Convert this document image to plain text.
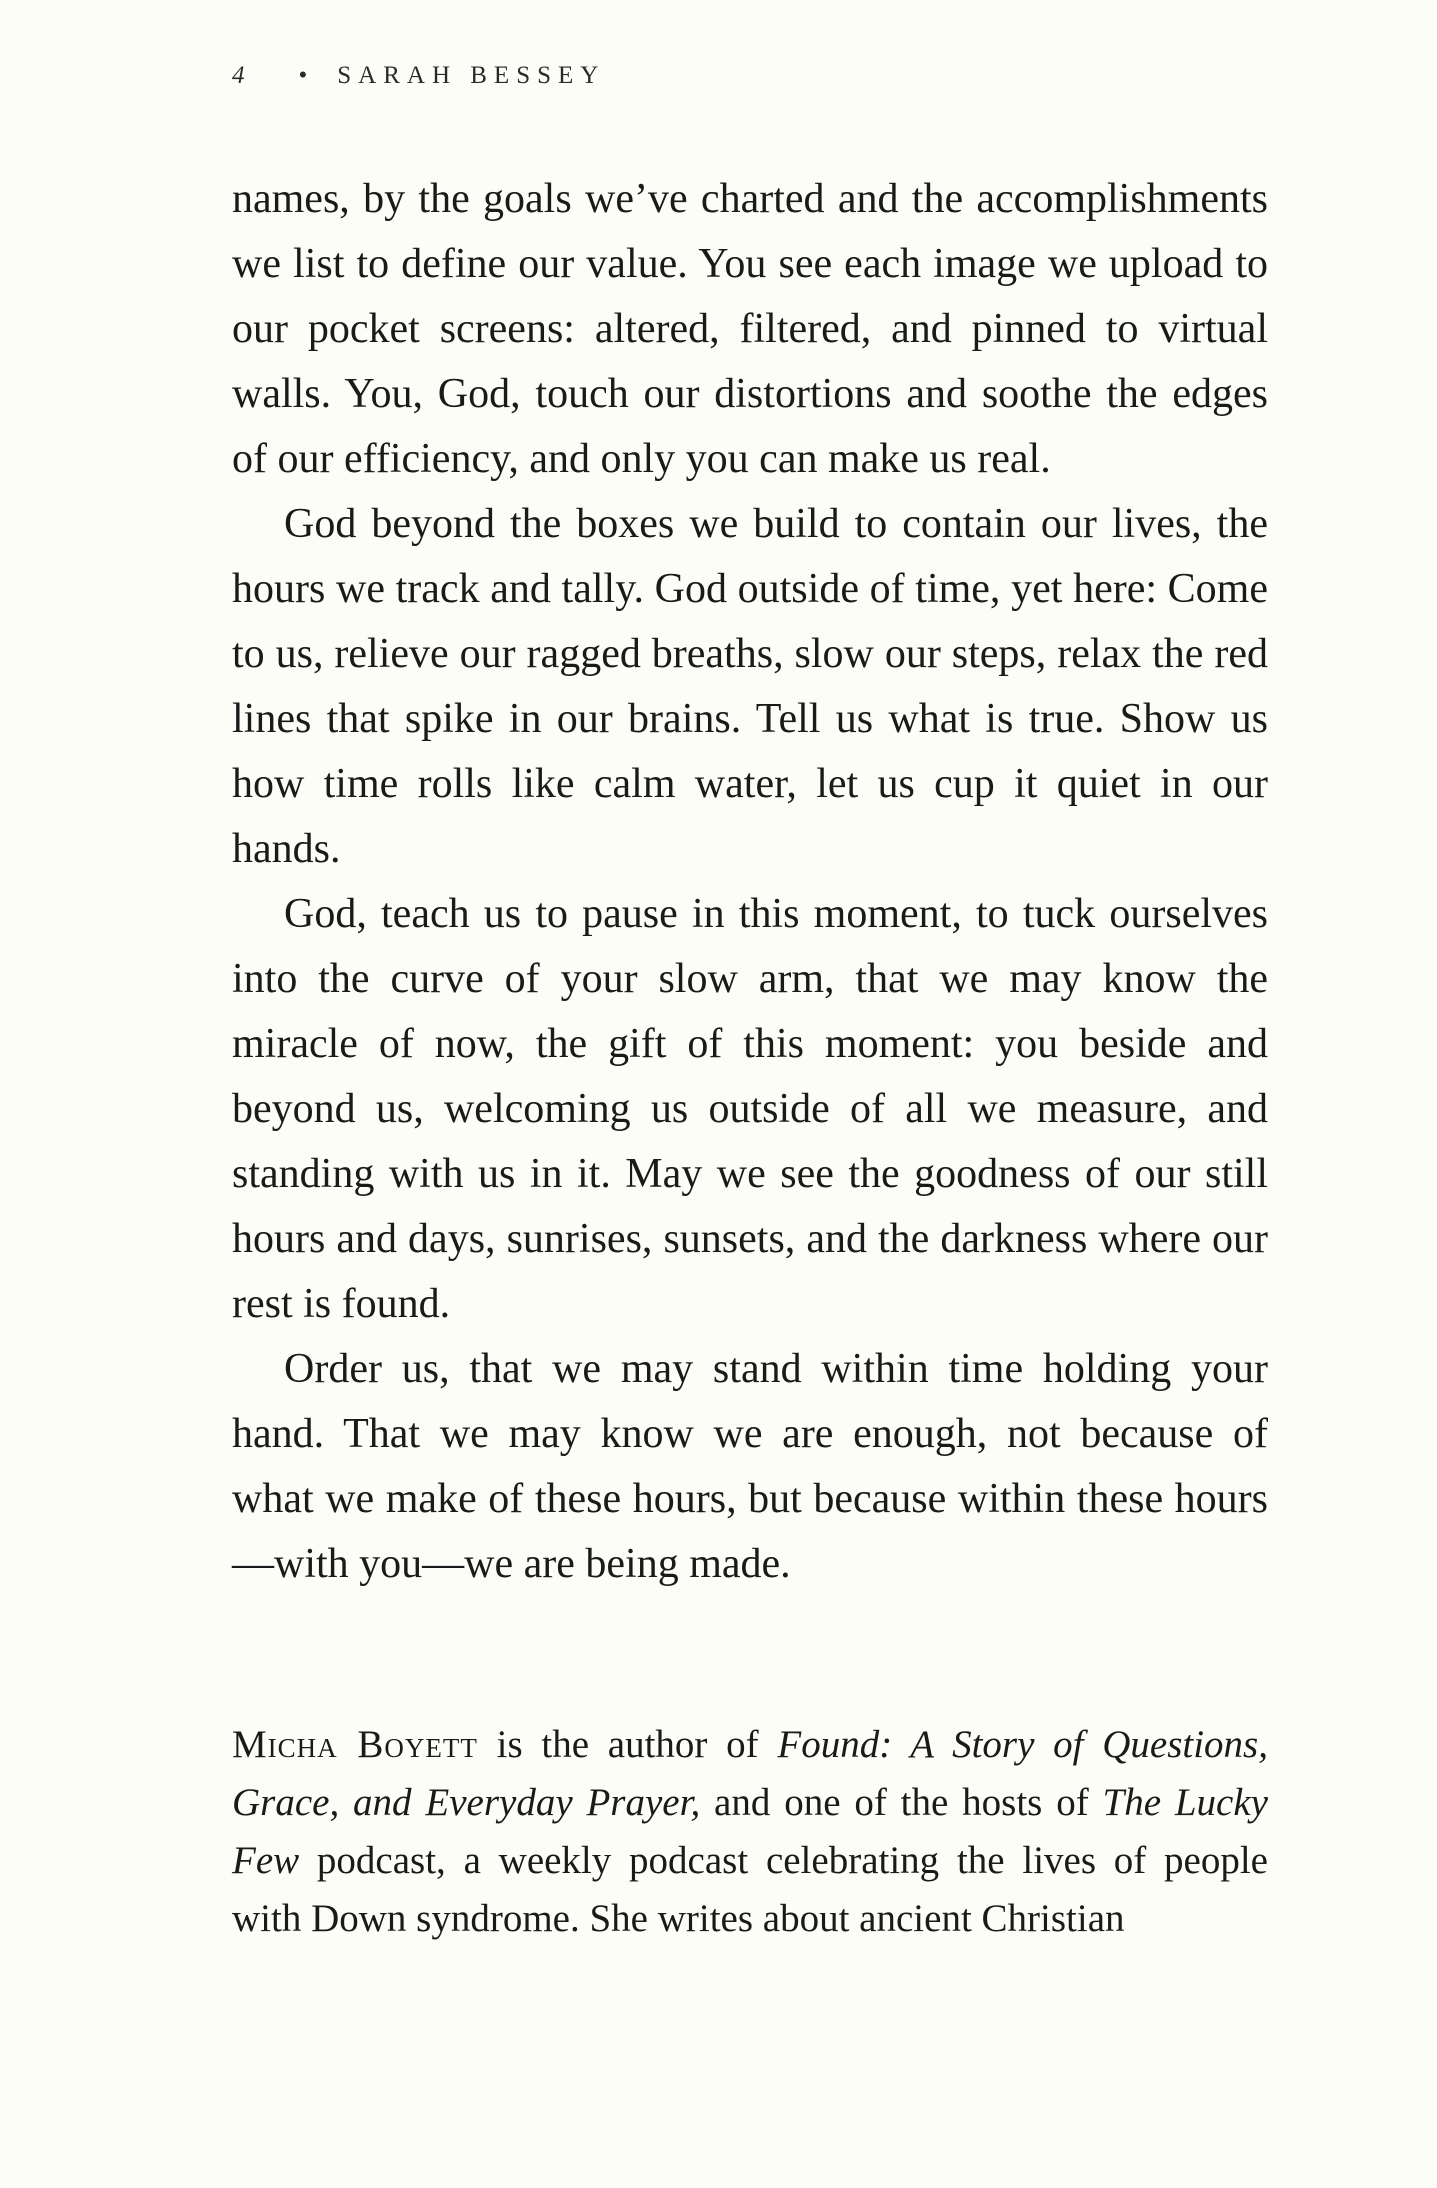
4 • SARAH BESSEY

names, by the goals we’ve charted and the accomplishments we list to define our value. You see each image we upload to our pocket screens: altered, filtered, and pinned to virtual walls. You, God, touch our distortions and soothe the edges of our efficiency, and only you can make us real.

God beyond the boxes we build to contain our lives, the hours we track and tally. God outside of time, yet here: Come to us, relieve our ragged breaths, slow our steps, relax the red lines that spike in our brains. Tell us what is true. Show us how time rolls like calm water, let us cup it quiet in our hands.

God, teach us to pause in this moment, to tuck ourselves into the curve of your slow arm, that we may know the miracle of now, the gift of this moment: you beside and beyond us, welcoming us outside of all we measure, and standing with us in it. May we see the goodness of our still hours and days, sunrises, sunsets, and the darkness where our rest is found.

Order us, that we may stand within time holding your hand. That we may know we are enough, not because of what we make of these hours, but because within these hours—with you—we are being made.

Micha Boyett is the author of Found: A Story of Questions, Grace, and Everyday Prayer, and one of the hosts of The Lucky Few podcast, a weekly podcast celebrating the lives of people with Down syndrome. She writes about ancient Christian
